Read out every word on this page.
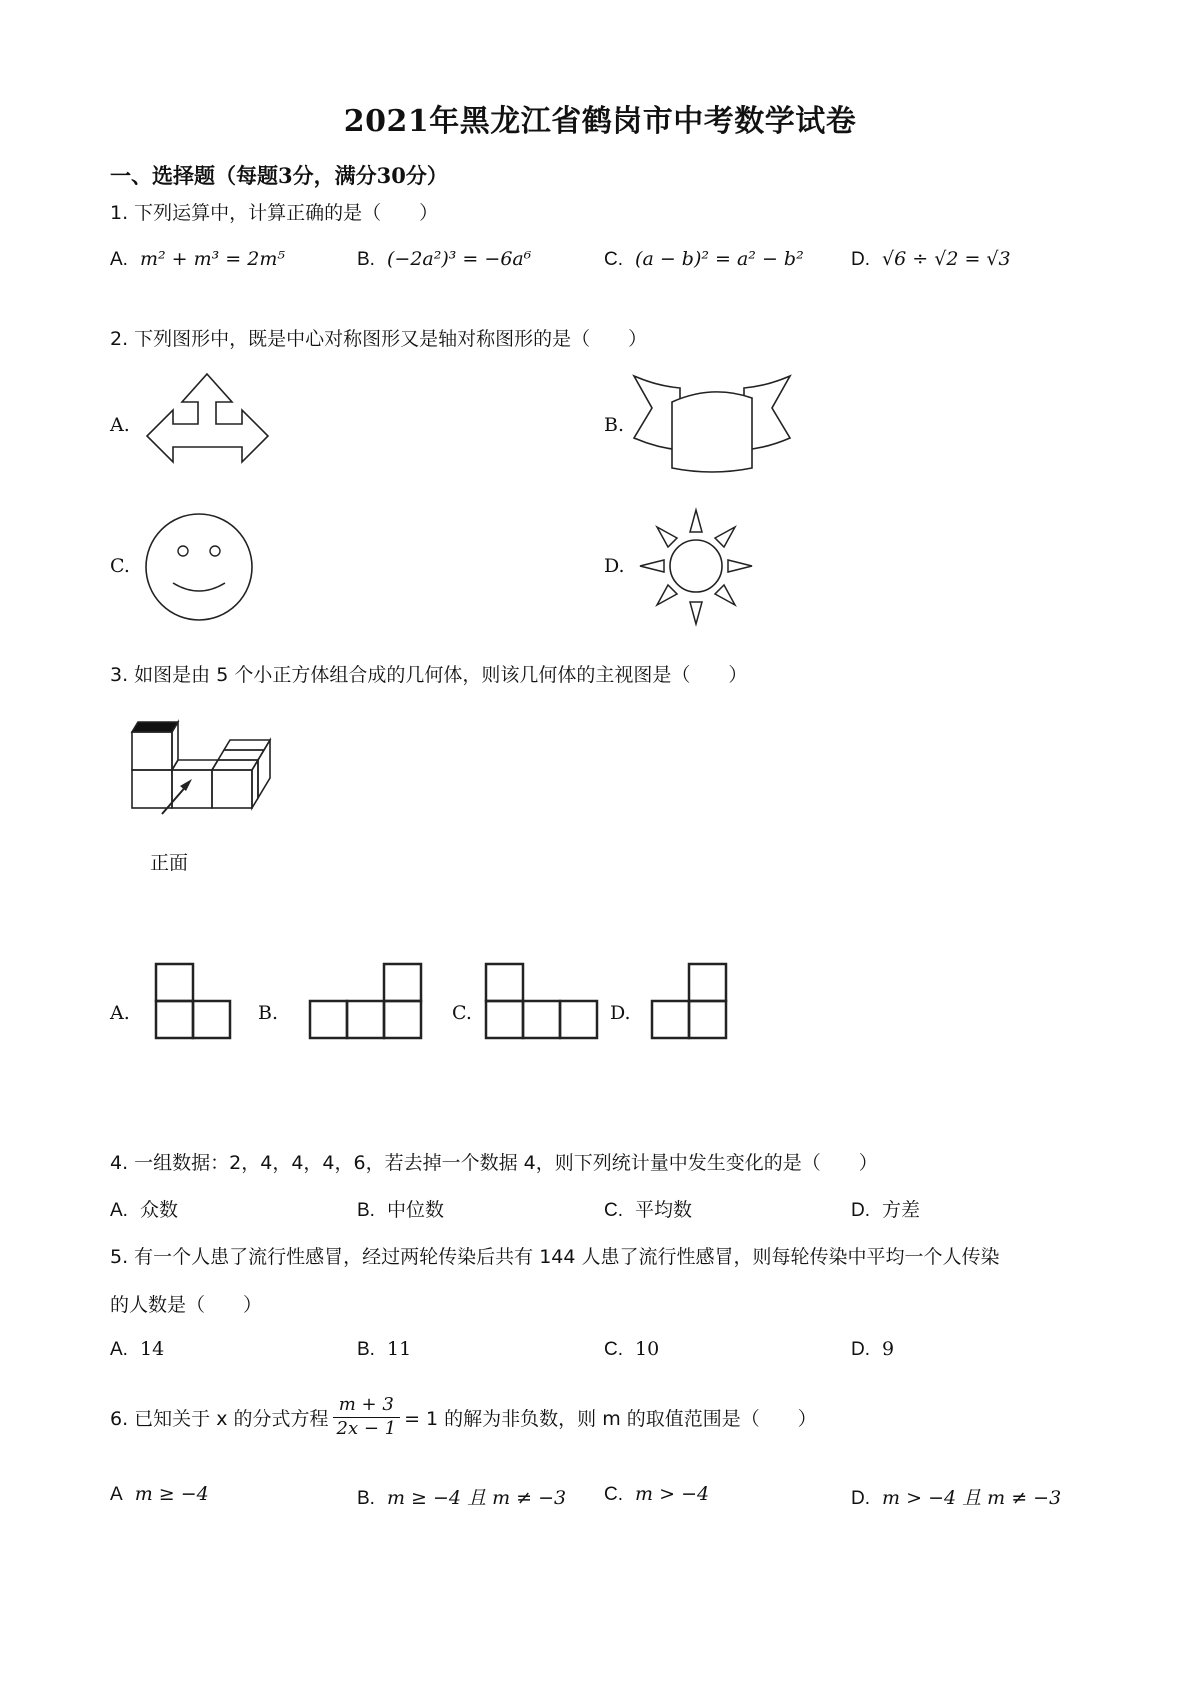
2021年黑龙江省鹤岗市中考数学试卷
一、选择题（每题3分，满分30分）
1. 下列运算中，计算正确的是（　　）
A. m² + m³ = 2m⁵	B. (−2a²)³ = −6a⁶	C. (a − b)² = a² − b² D. √6 ÷ √2 = √3
2. 下列图形中，既是中心对称图形又是轴对称图形的是（　　）
A.	B.
C.	D.
3. 如图是由 5 个小正方体组合成的几何体，则该几何体的主视图是（　　）
正面
A.	B.	C.	D.
4. 一组数据：2，4，4，4，6，若去掉一个数据 4，则下列统计量中发生变化的是（　　）
A. 众数	B. 中位数	C. 平均数	D. 方差
5. 有一个人患了流行性感冒，经过两轮传染后共有 144 人患了流行性感冒，则每轮传染中平均一个人传染
的人数是（　　）
A. 14	B. 11	C. 10	D. 9
6. 已知关于 x 的分式方程 $\frac{m + 3}{2x - 1} = 1$ 的解为非负数，则 m 的取值范围是（　　）
A m ≥ −4	B. m ≥ −4 且 m ≠ −3 C. m > −4	D. m > −4 且 m ≠ −3
